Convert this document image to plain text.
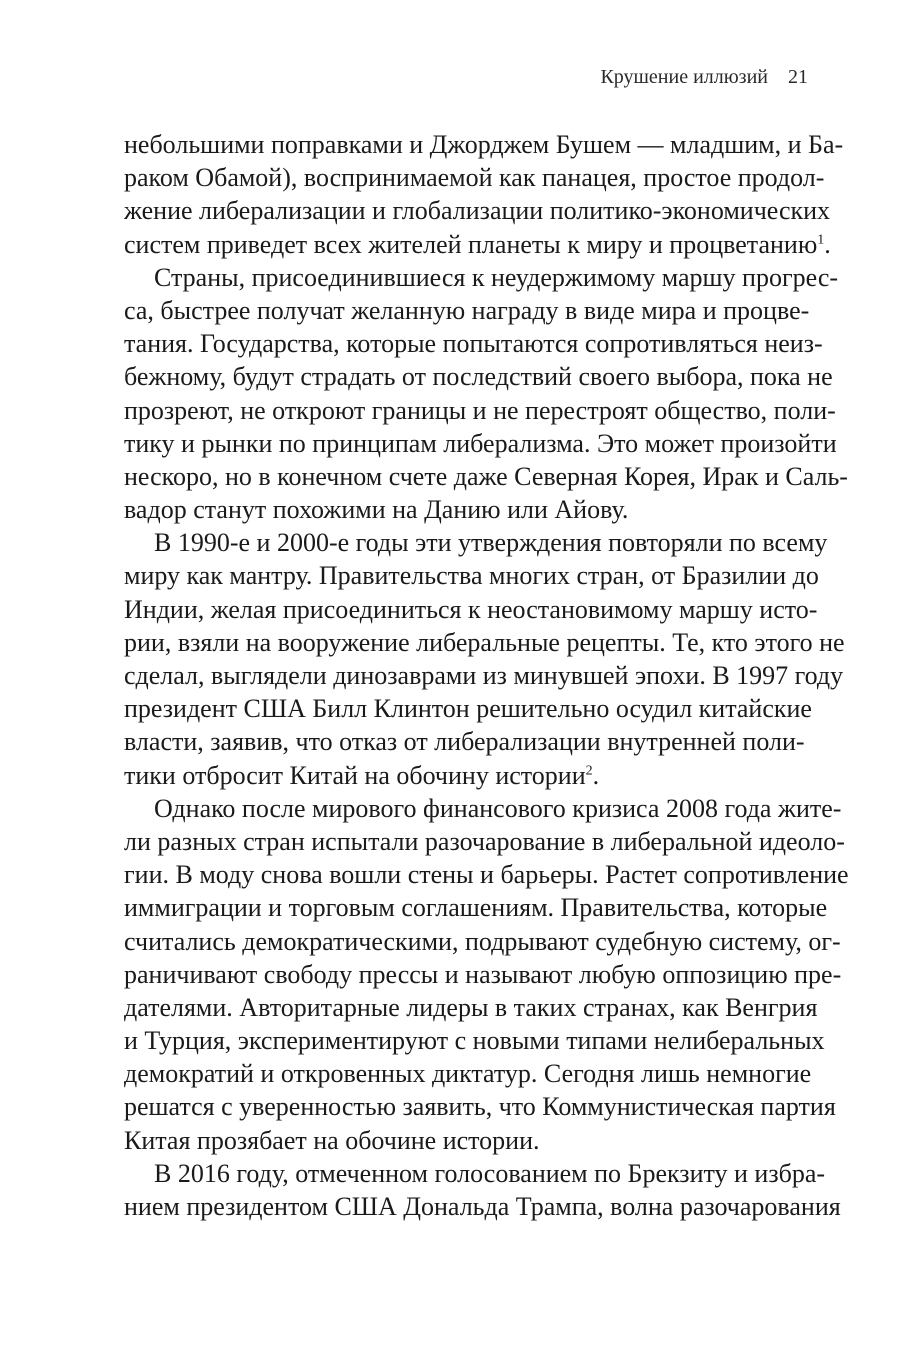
Крушение иллюзий 21
небольшими поправками и Джорджем Бушем — младшим, и Ба-
раком Обамой), воспринимаемой как панацея, простое продол-
жение либерализации и глобализации политико-экономических
систем приведет всех жителей планеты к миру и процветанию$^1$.
Страны, присоединившиеся к неудержимому маршу прогрес-
са, быстрее получат желанную награду в виде мира и процве-
тания. Государства, которые попытаются сопротивляться неиз-
бежному, будут страдать от последствий своего выбора, пока не
прозреют, не откроют границы и не перестроят общество, поли-
тику и рынки по принципам либерализма. Это может произойти
нескоро, но в конечном счете даже Северная Корея, Ирак и Саль-
вадор станут похожими на Данию или Айову.
В 1990-е и 2000-е годы эти утверждения повторяли по всему
миру как мантру. Правительства многих стран, от Бразилии до
Индии, желая присоединиться к неостановимому маршу исто-
рии, взяли на вооружение либеральные рецепты. Те, кто этого не
сделал, выглядели динозаврами из минувшей эпохи. В 1997 году
президент США Билл Клинтон решительно осудил китайские
власти, заявив, что отказ от либерализации внутренней поли-
тики отбросит Китай на обочину истории$^2$.
Однако после мирового финансового кризиса 2008 года жите-
ли разных стран испытали разочарование в либеральной идеоло-
гии. В моду снова вошли стены и барьеры. Растет сопротивление
иммиграции и торговым соглашениям. Правительства, которые
считались демократическими, подрывают судебную систему, ог-
раничивают свободу прессы и называют любую оппозицию пре-
дателями. Авторитарные лидеры в таких странах, как Венгрия
и Турция, экспериментируют с новыми типами нелиберальных
демократий и откровенных диктатур. Сегодня лишь немногие
решатся с уверенностью заявить, что Коммунистическая партия
Китая прозябает на обочине истории.
В 2016 году, отмеченном голосованием по Брекзиту и избра-
нием президентом США Дональда Трампа, волна разочарования
